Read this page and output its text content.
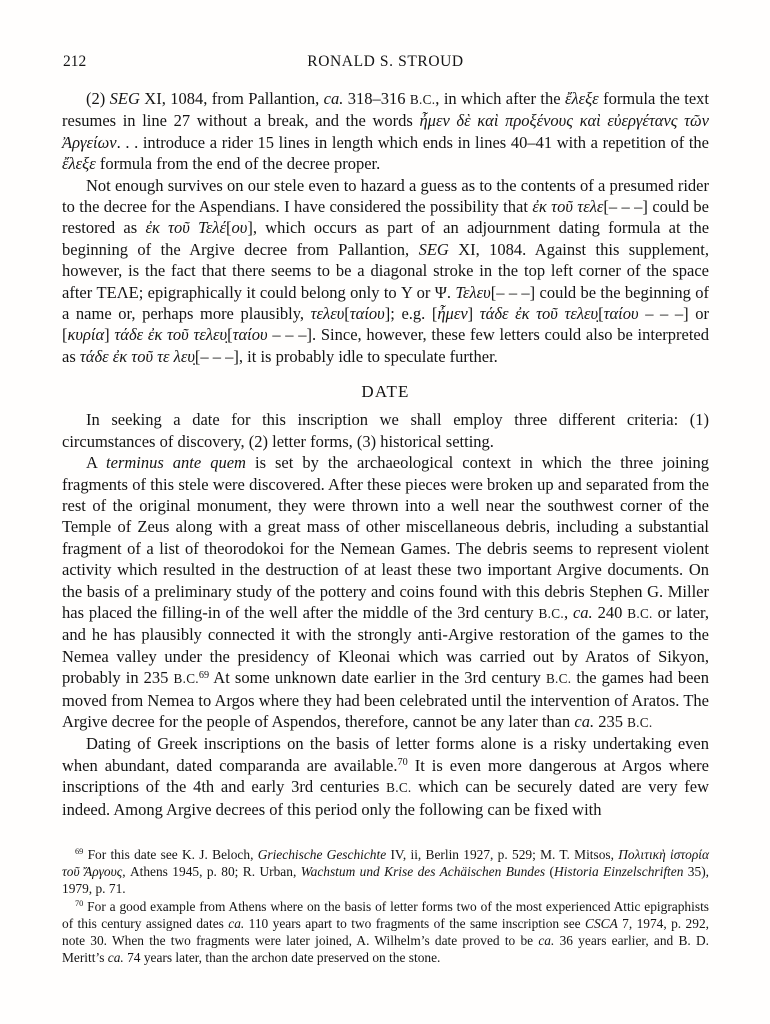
212	RONALD S. STROUD

(2) SEG XI, 1084, from Pallantion, ca. 318–316 B.C., in which after the ἔλεξε formula the text resumes in line 27 without a break, and the words ἦμεν δὲ καὶ προξένους καὶ εὐεργέτανς τῶν Ἀργείων. . . introduce a rider 15 lines in length which ends in lines 40–41 with a repetition of the ἔλεξε formula from the end of the decree proper.

Not enough survives on our stele even to hazard a guess as to the contents of a presumed rider to the decree for the Aspendians. I have considered the possibility that ἐκ τοῦ τελε[– – –] could be restored as ἐκ τοῦ Τελέ[ου], which occurs as part of an adjournment dating formula at the beginning of the Argive decree from Pallantion, SEG XI, 1084. Against this supplement, however, is the fact that there seems to be a diagonal stroke in the top left corner of the space after ΤΕΛΕ; epigraphically it could belong only to Υ or Ψ. Τελευ[– – –] could be the beginning of a name or, perhaps more plausibly, τελευ[ταίου]; e.g. [ἦμεν] τάδε ἐκ τοῦ τελευ̣[ταίου – – –] or [κυρία] τάδε ἐκ τοῦ τελευ̣[ταίου – – –]. Since, however, these few letters could also be interpreted as τάδε ἐκ τοῦ τε λευ̣[– – –], it is probably idle to speculate further.

DATE

In seeking a date for this inscription we shall employ three different criteria: (1) circumstances of discovery, (2) letter forms, (3) historical setting.

A terminus ante quem is set by the archaeological context in which the three joining fragments of this stele were discovered. After these pieces were broken up and separated from the rest of the original monument, they were thrown into a well near the southwest corner of the Temple of Zeus along with a great mass of other miscellaneous debris, including a substantial fragment of a list of theorodokoi for the Nemean Games. The debris seems to represent violent activity which resulted in the destruction of at least these two important Argive documents. On the basis of a preliminary study of the pottery and coins found with this debris Stephen G. Miller has placed the filling-in of the well after the middle of the 3rd century B.C., ca. 240 B.C. or later, and he has plausibly connected it with the strongly anti-Argive restoration of the games to the Nemea valley under the presidency of Kleonai which was carried out by Aratos of Sikyon, probably in 235 B.C.$^{69}$ At some unknown date earlier in the 3rd century B.C. the games had been moved from Nemea to Argos where they had been celebrated until the intervention of Aratos. The Argive decree for the people of Aspendos, therefore, cannot be any later than ca. 235 B.C.

Dating of Greek inscriptions on the basis of letter forms alone is a risky undertaking even when abundant, dated comparanda are available.$^{70}$ It is even more dangerous at Argos where inscriptions of the 4th and early 3rd centuries B.C. which can be securely dated are very few indeed. Among Argive decrees of this period only the following can be fixed with

$^{69}$ For this date see K. J. Beloch, Griechische Geschichte IV, ii, Berlin 1927, p. 529; M. T. Mitsos, Πολιτικὴ ἱστορία τοῦ Ἄργους, Athens 1945, p. 80; R. Urban, Wachstum und Krise des Achäischen Bundes (Historia Einzelschriften 35), 1979, p. 71.

$^{70}$ For a good example from Athens where on the basis of letter forms two of the most experienced Attic epigraphists of this century assigned dates ca. 110 years apart to two fragments of the same inscription see CSCA 7, 1974, p. 292, note 30. When the two fragments were later joined, A. Wilhelm’s date proved to be ca. 36 years earlier, and B. D. Meritt’s ca. 74 years later, than the archon date preserved on the stone.
